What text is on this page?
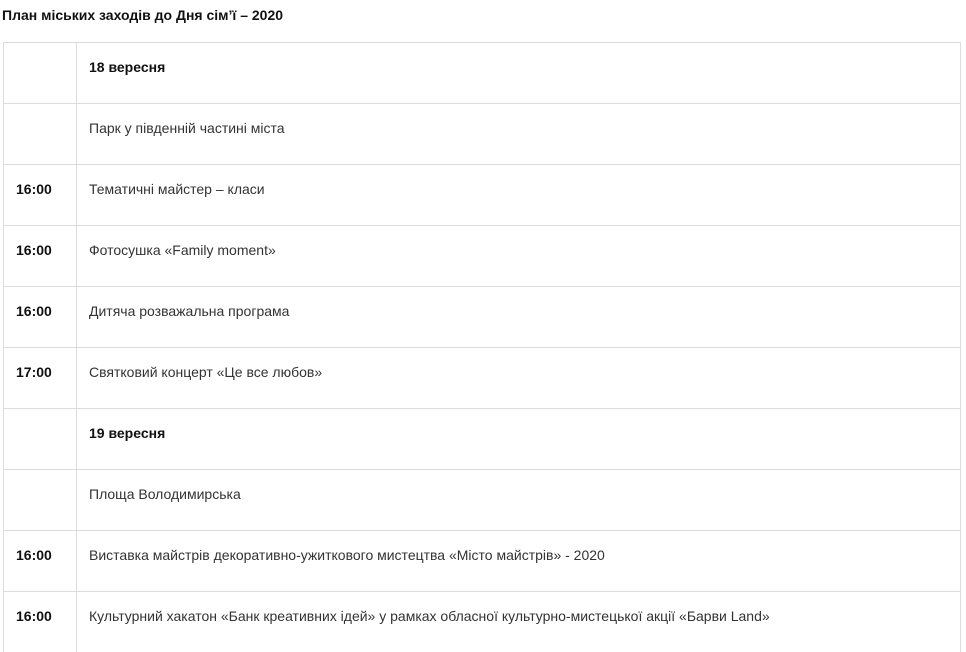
План міських заходів до Дня сім’ї – 2020
	18 вересня
	Парк у південній частині міста
16:00	Тематичні майстер – класи
16:00	Фотосушка «Family moment»
16:00	Дитяча розважальна програма
17:00	Святковий концерт «Це все любов»
	19 вересня
	Площа Володимирська
16:00	Виставка майстрів декоративно-ужиткового мистецтва «Місто майстрів» - 2020
16:00	Культурний хакатон «Банк креативних ідей» у рамках обласної культурно-мистецької акції «Барви Land»
